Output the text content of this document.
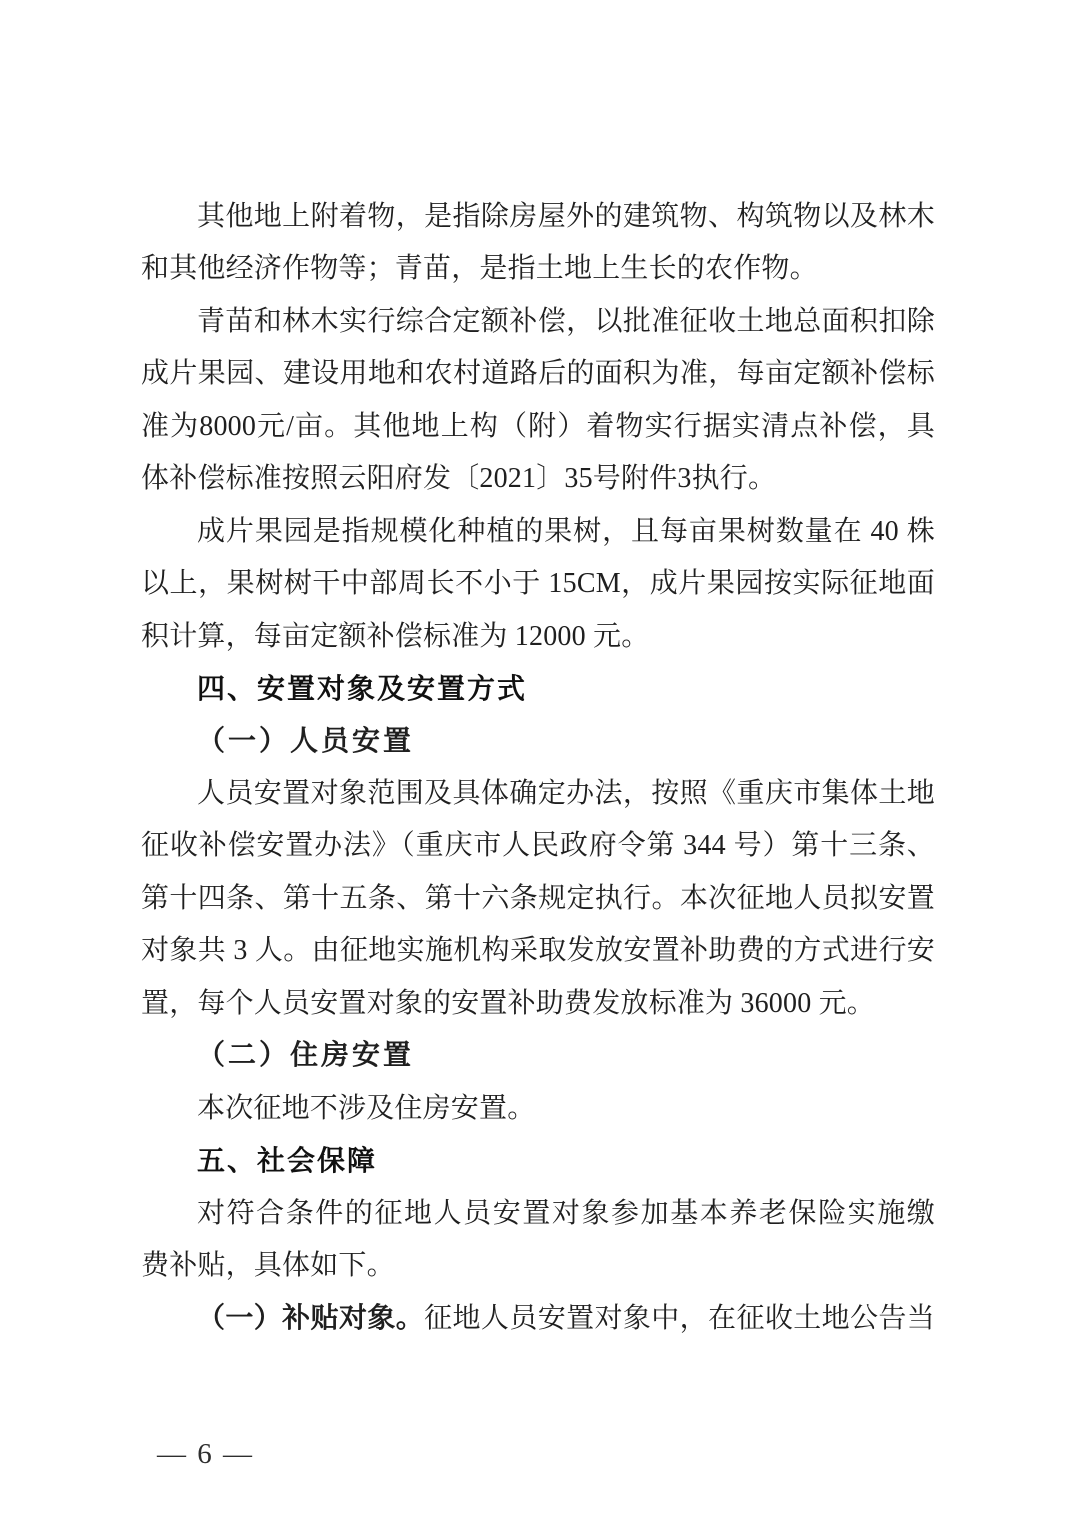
其他地上附着物，是指除房屋外的建筑物、构筑物以及林木
和其他经济作物等；青苗，是指土地上生长的农作物。
青苗和林木实行综合定额补偿，以批准征收土地总面积扣除
成片果园、建设用地和农村道路后的面积为准，每亩定额补偿标
准为8000元/亩。其他地上构（附）着物实行据实清点补偿，具
体补偿标准按照云阳府发〔2021〕35号附件3执行。
成片果园是指规模化种植的果树，且每亩果树数量在 40 株
以上，果树树干中部周长不小于 15CM，成片果园按实际征地面
积计算，每亩定额补偿标准为 12000 元。
四、安置对象及安置方式
（一）人员安置
人员安置对象范围及具体确定办法，按照《重庆市集体土地
征收补偿安置办法》（重庆市人民政府令第 344 号）第十三条、
第十四条、第十五条、第十六条规定执行。本次征地人员拟安置
对象共 3 人。由征地实施机构采取发放安置补助费的方式进行安
置，每个人员安置对象的安置补助费发放标准为 36000 元。
（二）住房安置
本次征地不涉及住房安置。
五、社会保障
对符合条件的征地人员安置对象参加基本养老保险实施缴
费补贴，具体如下。
（一）补贴对象。征地人员安置对象中，在征收土地公告当
— 6 —
